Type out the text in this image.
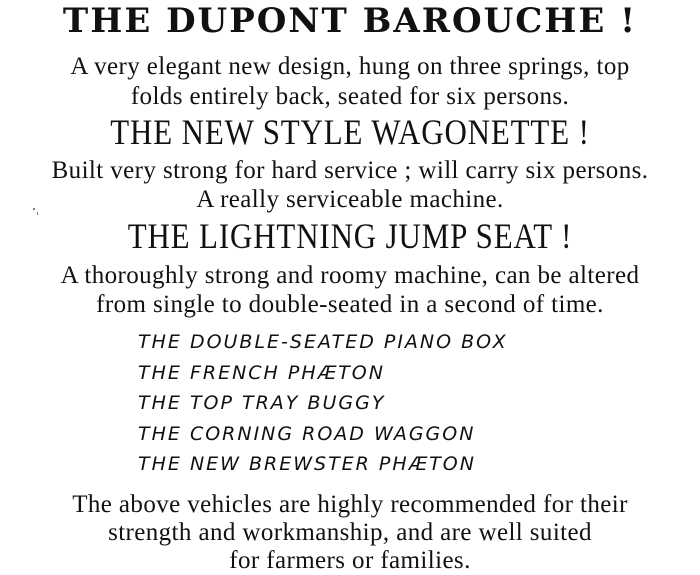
THE DUPONT BAROUCHE !
A very elegant new design, hung on three springs, top
folds entirely back, seated for six persons.
THE NEW STYLE WAGONETTE !
Built very strong for hard service ; will carry six persons.
A really serviceable machine.
THE LIGHTNING JUMP SEAT !
A thoroughly strong and roomy machine, can be altered
from single to double-seated in a second of time.
THE DOUBLE-SEATED PIANO BOX
THE FRENCH PHÆTON
THE TOP TRAY BUGGY
THE CORNING ROAD WAGGON
THE NEW BREWSTER PHÆTON
The above vehicles are highly recommended for their
strength and workmanship, and are well suited
for farmers or families.
